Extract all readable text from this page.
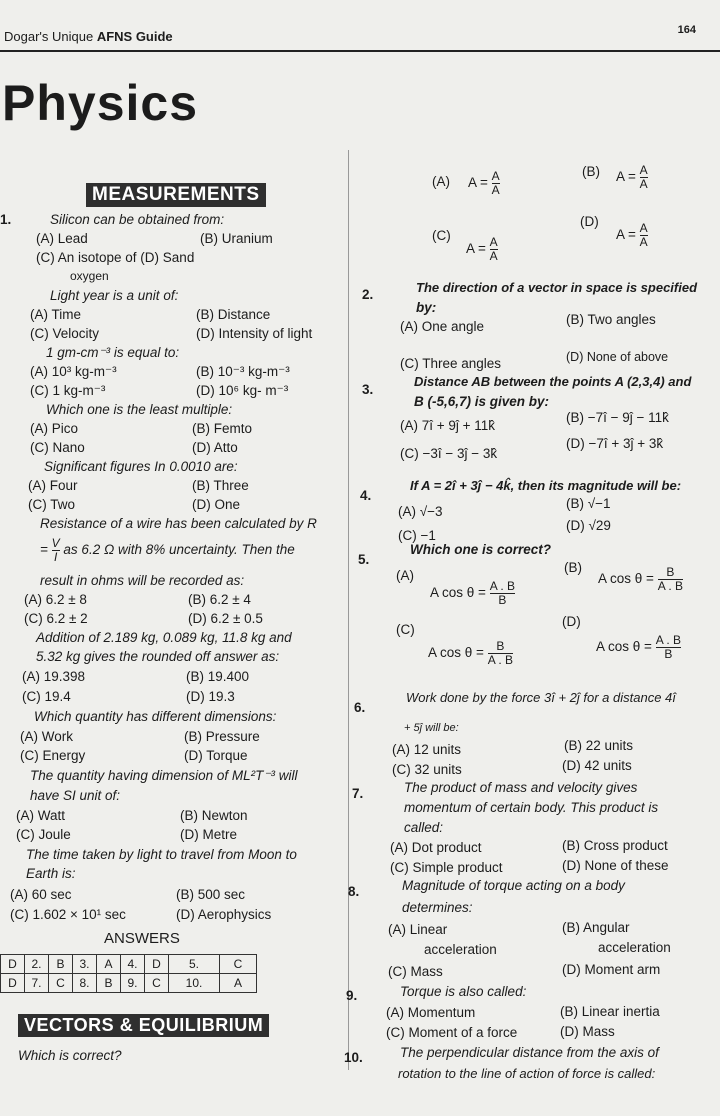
Dogar's Unique AFNS Guide	164
Physics
MEASUREMENTS
1.	Silicon can be obtained from:
(A) Lead	(B) Uranium
(C) An isotope of (D) Sand
oxygen
Light year is a unit of:
(A) Time	(B) Distance
(C) Velocity	(D) Intensity of light
1 gm-cm⁻³ is equal to:
(A) 10³ kg-m⁻³	(B) 10⁻³ kg-m⁻³
(C) 1 kg-m⁻³	(D) 10⁶ kg- m⁻³
Which one is the least multiple:
(A) Pico	(B) Femto
(C) Nano	(D) Atto
Significant figures In 0.0010 are:
(A) Four	(B) Three
(C) Two	(D) One
Resistance of a wire has been calculated by R
= $\frac{V}{I}$ as 6.2 Ω with 8% uncertainty. Then the
result in ohms will be recorded as:
(A) 6.2 ± 8	(B) 6.2 ± 4
(C) 6.2 ± 2	(D) 6.2 ± 0.5
Addition of 2.189 kg, 0.089 kg, 11.8 kg and
5.32 kg gives the rounded off answer as:
(A) 19.398	(B) 19.400
(C) 19.4	(D) 19.3
Which quantity has different dimensions:
(A) Work	(B) Pressure
(C) Energy	(D) Torque
The quantity having dimension of ML²T⁻³ will
have SI unit of:
(A) Watt	(B) Newton
(C) Joule	(D) Metre
The time taken by light to travel from Moon to
Earth is:
(A) 60 sec	(B) 500 sec
(C) 1.602 × 10¹ sec	(D) Aerophysics
ANSWERS
D	2.	B	3.	A	4.	D	5.	C
D	7.	C	8.	B	9.	C	10.	A
VECTORS & EQUILIBRIUM
Which is correct?
(A) $A = \frac{A}{A}$	(B) $A = \frac{A}{A}$
(C)
$A = \frac{A}{A}$
(D)
$A = \frac{A}{A}$
2.	The direction of a vector in space is specified
by:
(A) One angle	(B) Two angles
(C) Three angles	(D) None of above
3.
Distance AB between the points A (2,3,4) and
B (-5,6,7) is given by:
(A) 7î + 9ĵ + 11k̂
(B) −7î − 9ĵ − 11k̂
(C) −3î − 3ĵ − 3k̂
(D) −7î + 3ĵ + 3k̂
4.
If A = 2î + 3ĵ − 4k̂, then its magnitude will be:
(A) √−3
(B) √−1
(C) −1
(D) √29
5.
Which one is correct?
(A)
A $\cos \theta = \frac{A . B}{B}$
(B)
A $\cos \theta = \frac{B}{A . B}$
(C)
A $\cos \theta = \frac{B}{A . B}$
(D)
A $\cos \theta = \frac{A . B}{B}$
6.
Work done by the force 3î + 2ĵ for a distance 4î
+ 5ĵ will be:
(A) 12 units	(B) 22 units
(C) 32 units	(D) 42 units
7.	The product of mass and velocity gives
momentum of certain body. This product is
called:
(A) Dot product	(B) Cross product
(C) Simple product	(D) None of these
8.	Magnitude of torque acting on a body
determines:
(A) Linear
acceleration
(B) Angular
acceleration
(C) Mass	(D) Moment arm
9.	Torque is also called:
(A) Momentum	(B) Linear inertia
(C) Moment of a force	(D) Mass
10.	The perpendicular distance from the axis of
rotation to the line of action of force is called:
